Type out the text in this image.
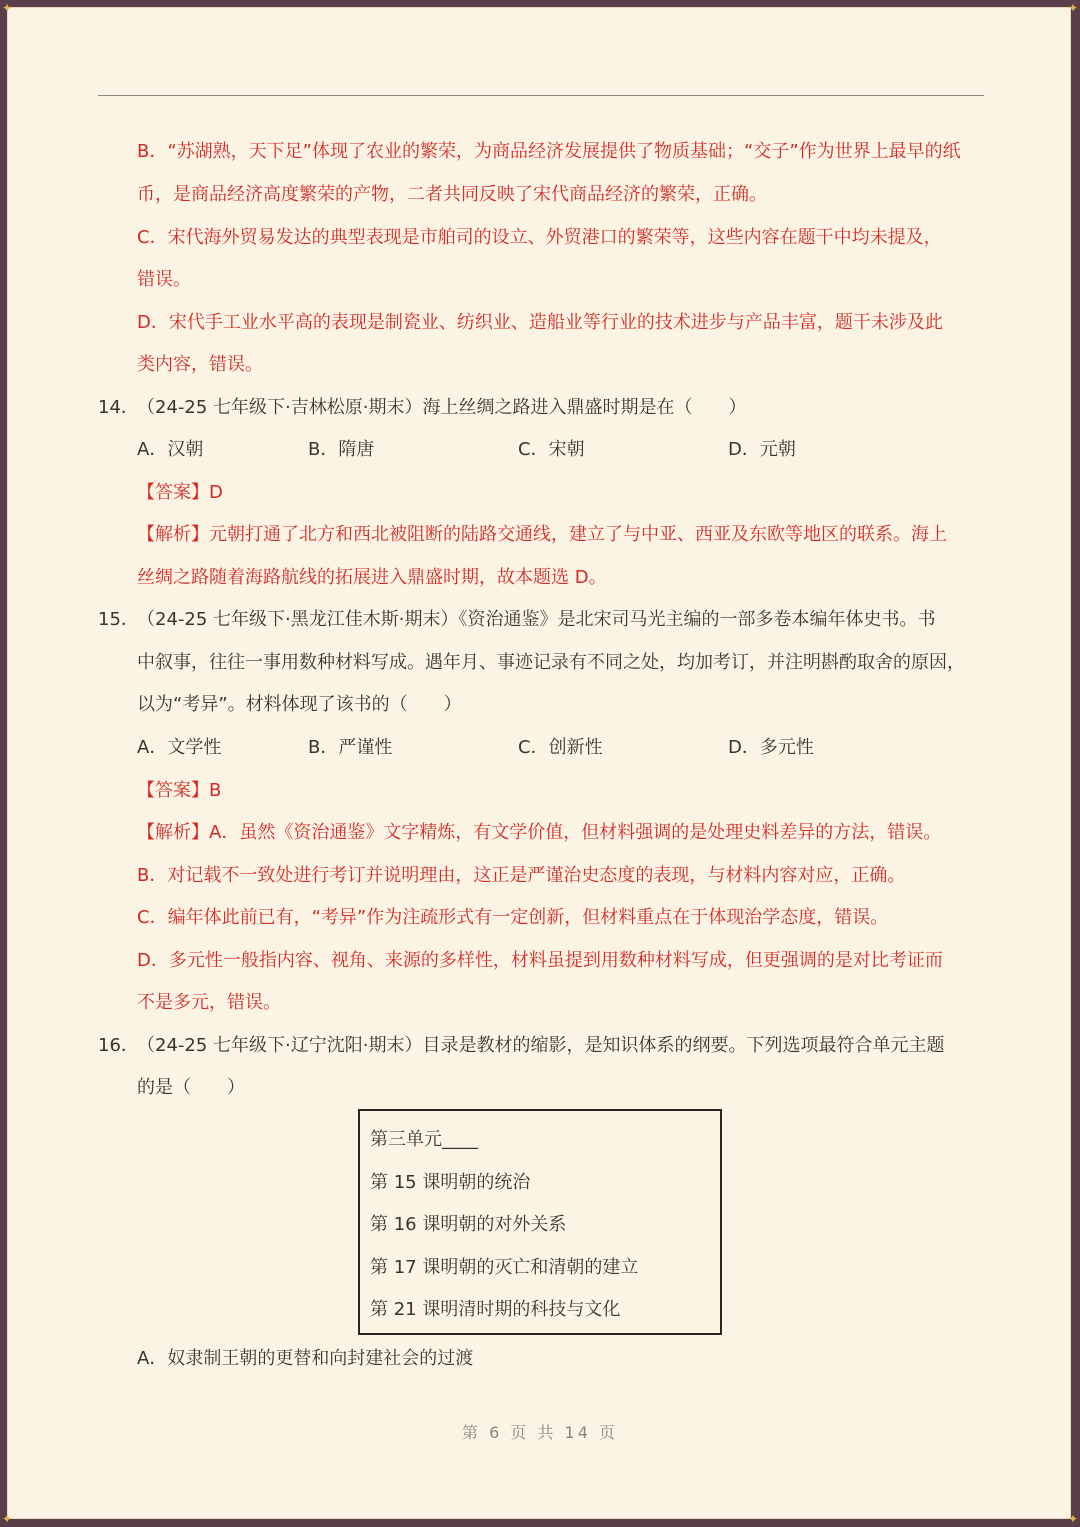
✦	✦
✦	✦
B．“苏湖熟，天下足”体现了农业的繁荣，为商品经济发展提供了物质基础；“交子”作为世界上最早的纸
币，是商品经济高度繁荣的产物，二者共同反映了宋代商品经济的繁荣，正确。
C．宋代海外贸易发达的典型表现是市舶司的设立、外贸港口的繁荣等，这些内容在题干中均未提及，
错误。
D．宋代手工业水平高的表现是制瓷业、纺织业、造船业等行业的技术进步与产品丰富，题干未涉及此
类内容，错误。
14．
（24-25 七年级下·吉林松原·期末）海上丝绸之路进入鼎盛时期是在（　　）
A．汉朝	B．隋唐	C．宋朝	D．元朝
【答案】D
【解析】元朝打通了北方和西北被阻断的陆路交通线，建立了与中亚、西亚及东欧等地区的联系。海上
丝绸之路随着海路航线的拓展进入鼎盛时期，故本题选 D。
15．
（24-25 七年级下·黑龙江佳木斯·期末）《资治通鉴》是北宋司马光主编的一部多卷本编年体史书。书
中叙事，往往一事用数种材料写成。遇年月、事迹记录有不同之处，均加考订，并注明斟酌取舍的原因，
以为“考异”。材料体现了该书的（　　）
A．文学性	B．严谨性	C．创新性	D．多元性
【答案】B
【解析】A．虽然《资治通鉴》文字精炼，有文学价值，但材料强调的是处理史料差异的方法，错误。
B．对记载不一致处进行考订并说明理由，这正是严谨治史态度的表现，与材料内容对应，正确。
C．编年体此前已有，“考异”作为注疏形式有一定创新，但材料重点在于体现治学态度，错误。
D．多元性一般指内容、视角、来源的多样性，材料虽提到用数种材料写成，但更强调的是对比考证而
不是多元，错误。
16．
（24-25 七年级下·辽宁沈阳·期末）目录是教材的缩影，是知识体系的纲要。下列选项最符合单元主题
的是（　　）
第三单元____
第 15 课明朝的统治
第 16 课明朝的对外关系
第 17 课明朝的灭亡和清朝的建立
第 21 课明清时期的科技与文化
A．奴隶制王朝的更替和向封建社会的过渡
第 6 页 共 14 页
